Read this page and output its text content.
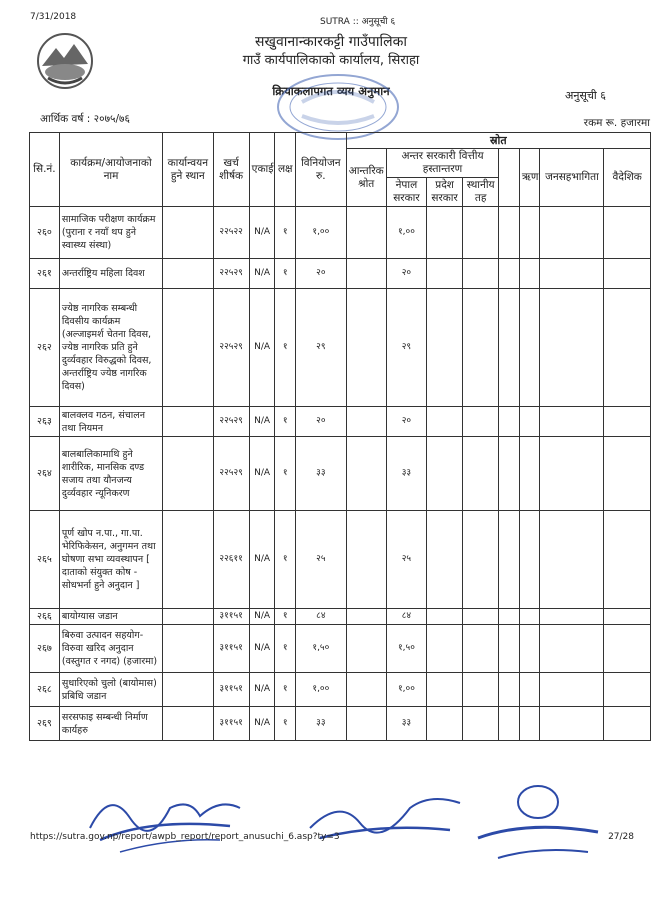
7/31/2018	SUTRA :: अनुसूची ६
सखुवानान्कारकट्टी गाउँपालिका
गाउँ कार्यपालिकाको कार्यालय, सिराहा
क्रियाकलापगत व्यय अनुमान	अनुसूची ६
आर्थिक वर्ष : २०७५/७६	रकम रू. हजारमा
सि.नं.	कार्यक्रम/आयोजनाको नाम	कार्यान्वयन हुने स्थान	खर्च शीर्षक	एकाई	लक्ष	विनियोजन रु.	स्रोत							
							आन्तरिक श्रोत	अन्तर सरकारी वित्तीय हस्तान्तरण				ऋण	जनसहभागिता	वैदेशिक
								नेपाल सरकार	प्रदेश सरकार	स्थानीय तह				
२६०	सामाजिक परीक्षण कार्यक्रम (पुराना र नयाँ थप हुने स्वास्थ्य संस्था)		२२५२२	N/A	१	१,००		१,००						
२६१	अन्तर्राष्ट्रिय महिला दिवश		२२५२९	N/A	१	२०		२०						
२६२	ज्येष्ठ नागरिक सम्बन्धी दिवसीय कार्यक्रम (अल्जाइमर्श चेतना दिवस, ज्येष्ठ नागरिक प्रति हुने दुर्व्यवहार विरुद्धको दिवस, अन्तर्राष्ट्रिय ज्येष्ठ नागरिक दिवस)		२२५२९	N/A	१	२९		२९						
२६३	बालक्लव गठन, संचालन तथा नियमन		२२५२९	N/A	१	२०		२०						
२६४	बालबालिकामाथि हुने शारीरिक, मानसिक दण्ड सजाय तथा यौनजन्य दुर्व्यवहार न्यूनिकरण		२२५२९	N/A	१	३३		३३						
२६५	पूर्ण खोप न.पा., गा.पा. भेरिफिकेसन, अनुगमन तथा घोषणा सभा व्यवस्थापन [ दाताको संयुक्त कोष - सोधभर्ना हुने अनुदान ]		२२६११	N/A	१	२५		२५						
२६६	बायोग्यास जडान		३११५१	N/A	१	८४		८४						
२६७	बिरुवा उत्पादन सहयोग-विरुवा खरिद अनुदान (वस्तुगत र नगद) (हजारमा)		३११५१	N/A	१	१,५०		१,५०						
२६८	सुधारिएको चुलो (बायोमास) प्रबिधि जडान		३११५१	N/A	१	१,००		१,००						
२६९	सरसफाइ सम्बन्धी निर्माण कार्यहरु		३११५१	N/A	१	३३		३३						
https://sutra.gov.np/report/awpb_report/report_anusuchi_6.asp?ty=3	27/28
